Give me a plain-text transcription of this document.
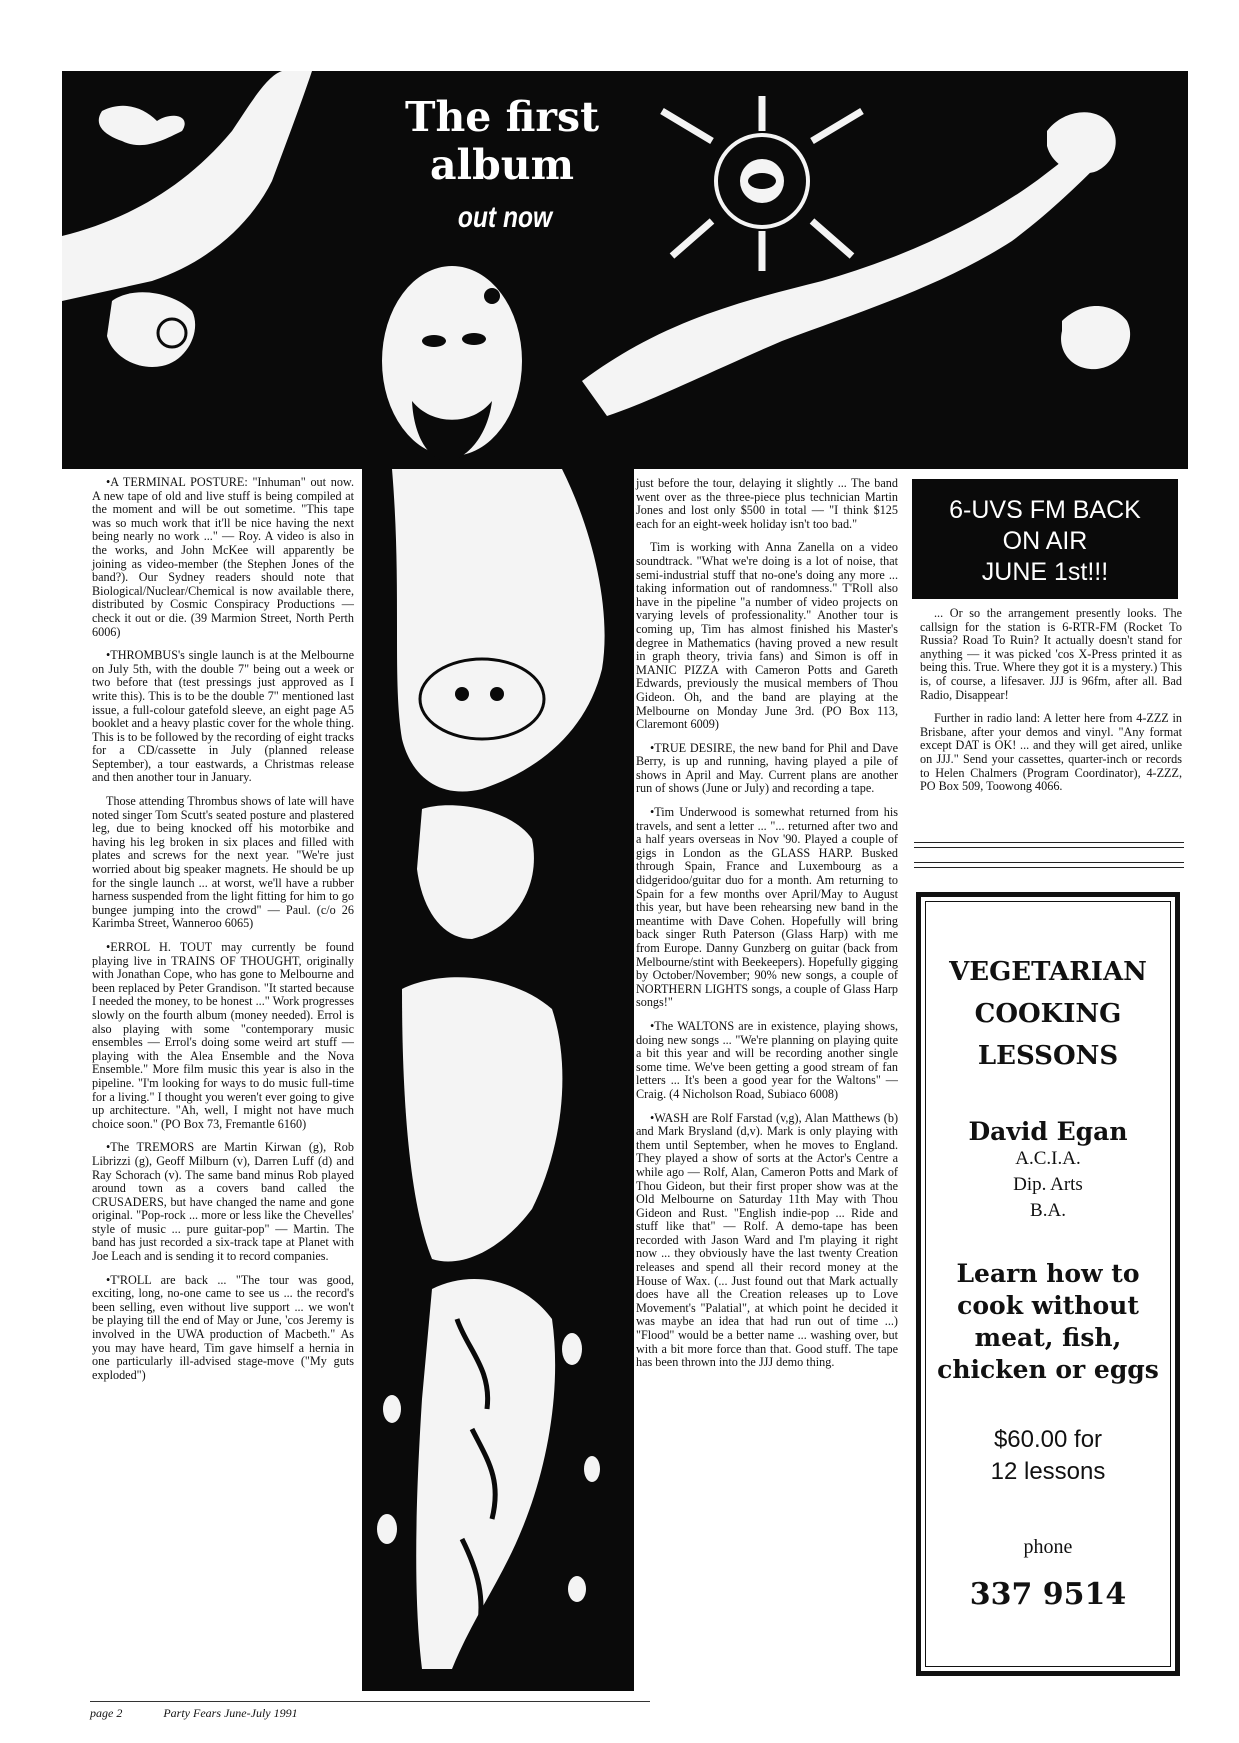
The first
album
out now

•A TERMINAL POSTURE: "Inhuman" out now. A new tape of old and live stuff is being compiled at the moment and will be out sometime. "This tape was so much work that it'll be nice having the next being nearly no work ..." — Roy. A video is also in the works, and John McKee will apparently be joining as video-member (the Stephen Jones of the band?). Our Sydney readers should note that Biological/Nuclear/Chemical is now available there, distributed by Cosmic Conspiracy Productions — check it out or die. (39 Marmion Street, North Perth 6006)

•THROMBUS's single launch is at the Melbourne on July 5th, with the double 7" being out a week or two before that (test pressings just approved as I write this). This is to be the double 7" mentioned last issue, a full-colour gatefold sleeve, an eight page A5 booklet and a heavy plastic cover for the whole thing. This is to be followed by the recording of eight tracks for a CD/cassette in July (planned release September), a tour eastwards, a Christmas release and then another tour in January.

Those attending Thrombus shows of late will have noted singer Tom Scutt's seated posture and plastered leg, due to being knocked off his motorbike and having his leg broken in six places and filled with plates and screws for the next year. "We're just worried about big speaker magnets. He should be up for the single launch ... at worst, we'll have a rubber harness suspended from the light fitting for him to go bungee jumping into the crowd" — Paul. (c/o 26 Karimba Street, Wanneroo 6065)

•ERROL H. TOUT may currently be found playing live in TRAINS OF THOUGHT, originally with Jonathan Cope, who has gone to Melbourne and been replaced by Peter Grandison. "It started because I needed the money, to be honest ..." Work progresses slowly on the fourth album (money needed). Errol is also playing with some "contemporary music ensembles — Errol's doing some weird art stuff — playing with the Alea Ensemble and the Nova Ensemble." More film music this year is also in the pipeline. "I'm looking for ways to do music full-time for a living." I thought you weren't ever going to give up architecture. "Ah, well, I might not have much choice soon." (PO Box 73, Fremantle 6160)

•The TREMORS are Martin Kirwan (g), Rob Librizzi (g), Geoff Milburn (v), Darren Luff (d) and Ray Schorach (v). The same band minus Rob played around town as a covers band called the CRUSADERS, but have changed the name and gone original. "Pop-rock ... more or less like the Chevelles' style of music ... pure guitar-pop" — Martin. The band has just recorded a six-track tape at Planet with Joe Leach and is sending it to record companies.

•T'ROLL are back ... "The tour was good, exciting, long, no-one came to see us ... the record's been selling, even without live support ... we won't be playing till the end of May or June, 'cos Jeremy is involved in the UWA production of Macbeth." As you may have heard, Tim gave himself a hernia in one particularly ill-advised stage-move ("My guts exploded")

just before the tour, delaying it slightly ... The band went over as the three-piece plus technician Martin Jones and lost only $500 in total — "I think $125 each for an eight-week holiday isn't too bad."

Tim is working with Anna Zanella on a video soundtrack. "What we're doing is a lot of noise, that semi-industrial stuff that no-one's doing any more ... taking information out of randomness." T'Roll also have in the pipeline "a number of video projects on varying levels of professionality." Another tour is coming up, Tim has almost finished his Master's degree in Mathematics (having proved a new result in graph theory, trivia fans) and Simon is off in MANIC PIZZA with Cameron Potts and Gareth Edwards, previously the musical members of Thou Gideon. Oh, and the band are playing at the Melbourne on Monday June 3rd. (PO Box 113, Claremont 6009)

•TRUE DESIRE, the new band for Phil and Dave Berry, is up and running, having played a pile of shows in April and May. Current plans are another run of shows (June or July) and recording a tape.

•Tim Underwood is somewhat returned from his travels, and sent a letter ... "... returned after two and a half years overseas in Nov '90. Played a couple of gigs in London as the GLASS HARP. Busked through Spain, France and Luxembourg as a didgeridoo/guitar duo for a month. Am returning to Spain for a few months over April/May to August this year, but have been rehearsing new band in the meantime with Dave Cohen. Hopefully will bring back singer Ruth Paterson (Glass Harp) with me from Europe. Danny Gunzberg on guitar (back from Melbourne/stint with Beekeepers). Hopefully gigging by October/November; 90% new songs, a couple of NORTHERN LIGHTS songs, a couple of Glass Harp songs!"

•The WALTONS are in existence, playing shows, doing new songs ... "We're planning on playing quite a bit this year and will be recording another single some time. We've been getting a good stream of fan letters ... It's been a good year for the Waltons" — Craig. (4 Nicholson Road, Subiaco 6008)

•WASH are Rolf Farstad (v,g), Alan Matthews (b) and Mark Brysland (d,v). Mark is only playing with them until September, when he moves to England. They played a show of sorts at the Actor's Centre a while ago — Rolf, Alan, Cameron Potts and Mark of Thou Gideon, but their first proper show was at the Old Melbourne on Saturday 11th May with Thou Gideon and Rust. "English indie-pop ... Ride and stuff like that" — Rolf. A demo-tape has been recorded with Jason Ward and I'm playing it right now ... they obviously have the last twenty Creation releases and spend all their record money at the House of Wax. (... Just found out that Mark actually does have all the Creation releases up to Love Movement's "Palatial", at which point he decided it was maybe an idea that had run out of time ...) "Flood" would be a better name ... washing over, but with a bit more force than that. Good stuff. The tape has been thrown into the JJJ demo thing.

6-UVS FM BACK
ON AIR
JUNE 1st!!!

... Or so the arrangement presently looks. The callsign for the station is 6-RTR-FM (Rocket To Russia? Road To Ruin? It actually doesn't stand for anything — it was picked 'cos X-Press printed it as being this. True. Where they got it is a mystery.) This is, of course, a lifesaver. JJJ is 96fm, after all. Bad Radio, Disappear!

Further in radio land: A letter here from 4-ZZZ in Brisbane, after your demos and vinyl. "Any format except DAT is OK! ... and they will get aired, unlike on JJJ." Send your cassettes, quarter-inch or records to Helen Chalmers (Program Coordinator), 4-ZZZ, PO Box 509, Toowong 4066.

VEGETARIAN
COOKING
LESSONS
David Egan
A.C.I.A.
Dip. Arts
B.A.
Learn how to
cook without
meat, fish,
chicken or eggs
$60.00 for
12 lessons
phone
337 9514
page 2	Party Fears June-July 1991
